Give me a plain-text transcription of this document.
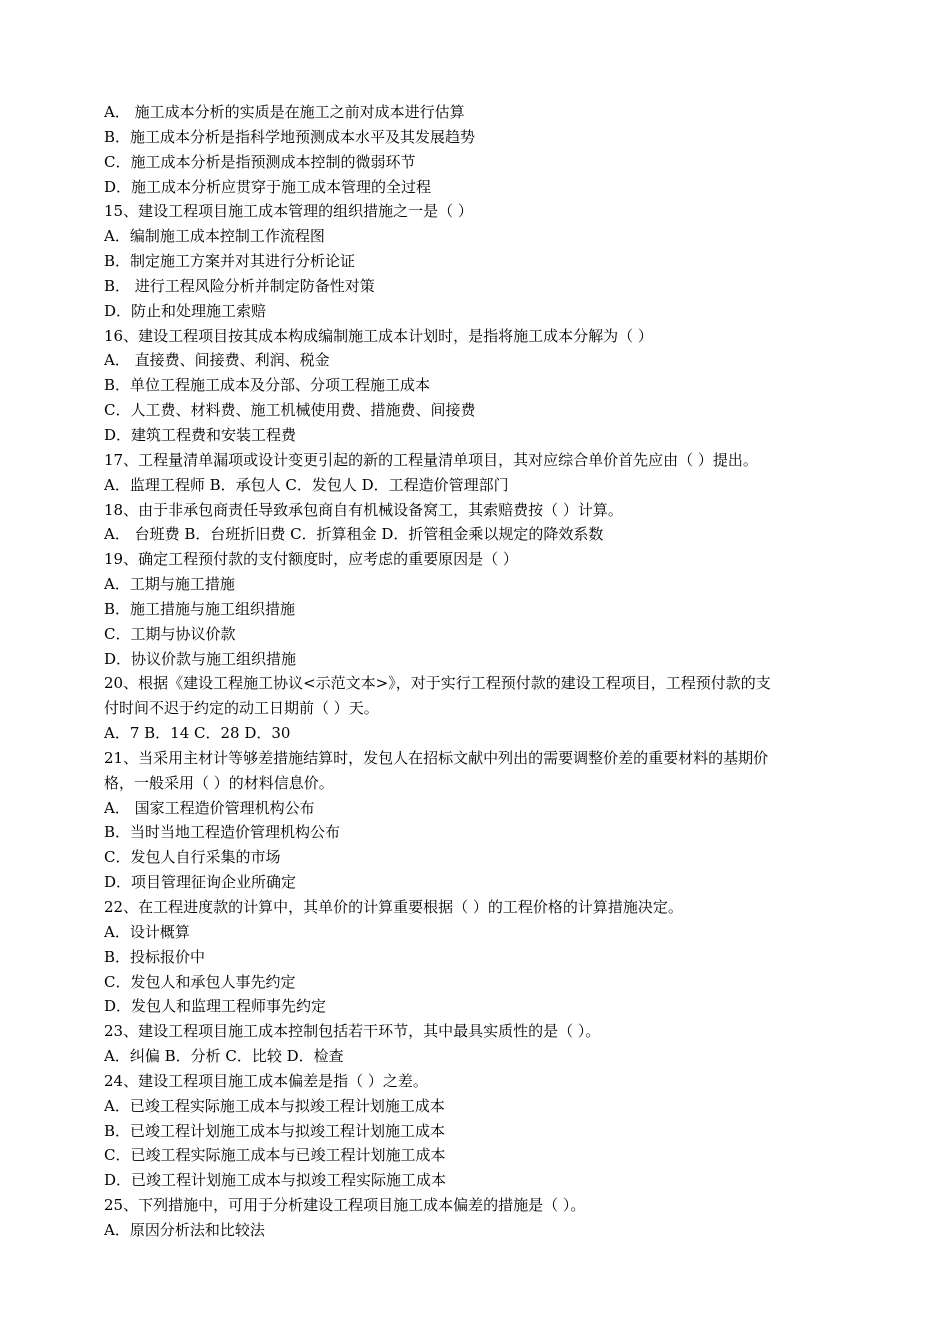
A． 施工成本分析的实质是在施工之前对成本进行估算
B．施工成本分析是指科学地预测成本水平及其发展趋势
C．施工成本分析是指预测成本控制的微弱环节
D．施工成本分析应贯穿于施工成本管理的全过程
15、建设工程项目施工成本管理的组织措施之一是（ ）
A．编制施工成本控制工作流程图
B．制定施工方案并对其进行分析论证
B． 进行工程风险分析并制定防备性对策
D．防止和处理施工索赔
16、建设工程项目按其成本构成编制施工成本计划时，是指将施工成本分解为（ ）
A． 直接费、间接费、利润、税金
B．单位工程施工成本及分部、分项工程施工成本
C．人工费、材料费、施工机械使用费、措施费、间接费
D．建筑工程费和安装工程费
17、工程量清单漏项或设计变更引起的新的工程量清单项目，其对应综合单价首先应由（ ）提出。
A．监理工程师 B．承包人 C．发包人 D．工程造价管理部门
18、由于非承包商责任导致承包商自有机械设备窝工，其索赔费按（ ）计算。
A． 台班费 B．台班折旧费 C．折算租金 D．折管租金乘以规定的降效系数
19、确定工程预付款的支付额度时，应考虑的重要原因是（ ）
A．工期与施工措施
B．施工措施与施工组织措施
C．工期与协议价款
D．协议价款与施工组织措施
20、根据《建设工程施工协议<示范文本>》，对于实行工程预付款的建设工程项目，工程预付款的支
付时间不迟于约定的动工日期前（ ）天。
A．7 B．14 C．28 D．30
21、当采用主材计等够差措施结算时，发包人在招标文献中列出的需要调整价差的重要材料的基期价
格，一般采用（ ）的材料信息价。
A． 国家工程造价管理机构公布
B．当时当地工程造价管理机构公布
C．发包人自行采集的市场
D．项目管理征询企业所确定
22、在工程进度款的计算中，其单价的计算重要根据（ ）的工程价格的计算措施决定。
A．设计概算
B．投标报价中
C．发包人和承包人事先约定
D．发包人和监理工程师事先约定
23、建设工程项目施工成本控制包括若干环节，其中最具实质性的是（ ）。
A．纠偏 B．分析 C．比较 D．检查
24、建设工程项目施工成本偏差是指（ ）之差。
A．已竣工程实际施工成本与拟竣工程计划施工成本
B．已竣工程计划施工成本与拟竣工程计划施工成本
C．已竣工程实际施工成本与已竣工程计划施工成本
D．已竣工程计划施工成本与拟竣工程实际施工成本
25、下列措施中，可用于分析建设工程项目施工成本偏差的措施是（ ）。
A．原因分析法和比较法
